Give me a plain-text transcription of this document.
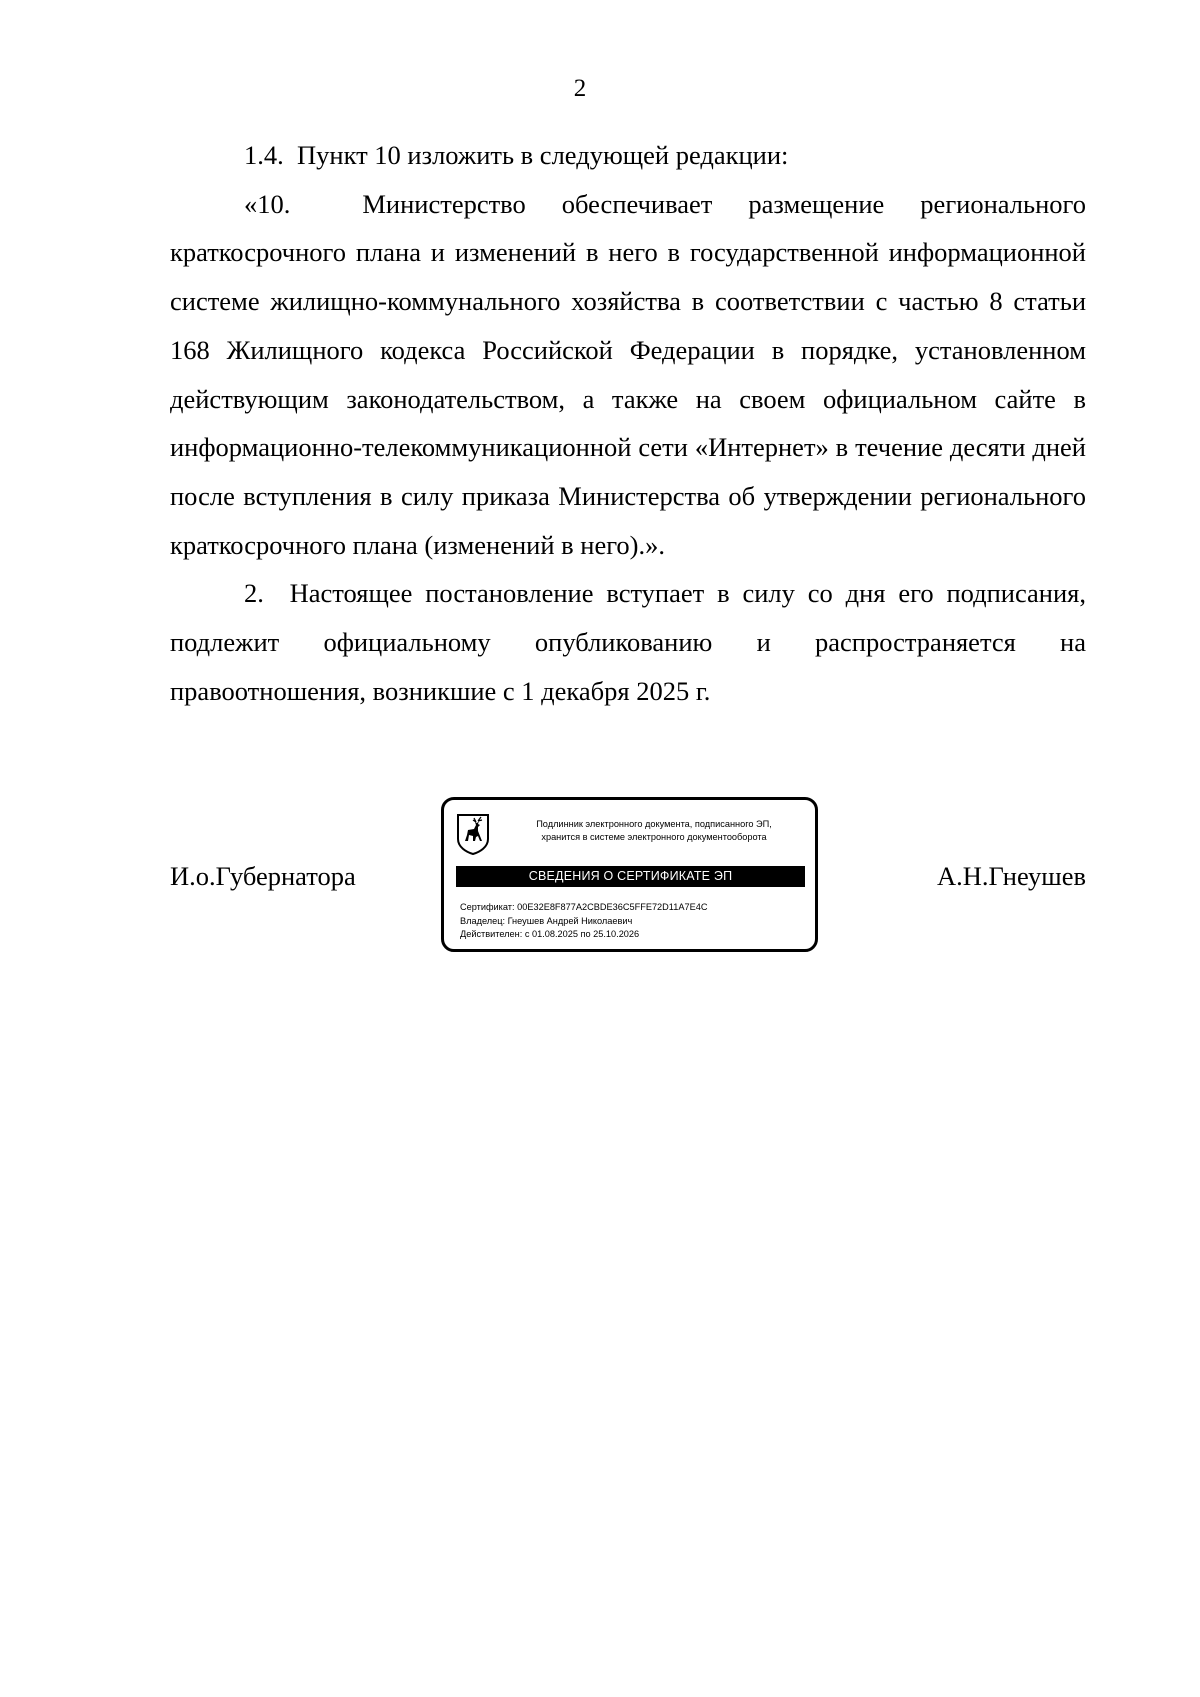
2

1.4.  Пункт 10 изложить в следующей редакции:

«10.  Министерство обеспечивает размещение регионального краткосрочного плана и изменений в него в государственной информационной системе жилищно-коммунального хозяйства в соответствии с частью 8 статьи 168 Жилищного кодекса Российской Федерации в порядке, установленном действующим законодательством, а также на своем официальном сайте в информационно-телекоммуникационной сети «Интернет» в течение десяти дней после вступления в силу приказа Министерства об утверждении регионального краткосрочного плана (изменений в него).».

2.  Настоящее постановление вступает в силу со дня его подписания, подлежит официальному опубликованию и распространяется на правоотношения, возникшие с 1 декабря 2025 г.

И.о.Губернатора
Подлинник электронного документа, подписанного ЭП,
хранится в системе электронного документооборота
СВЕДЕНИЯ О СЕРТИФИКАТЕ ЭП
Сертификат: 00E32E8F877A2CBDE36C5FFE72D11A7E4C
Владелец: Гнеушев Андрей Николаевич
Действителен: с 01.08.2025 по 25.10.2026
А.Н.Гнеушев
